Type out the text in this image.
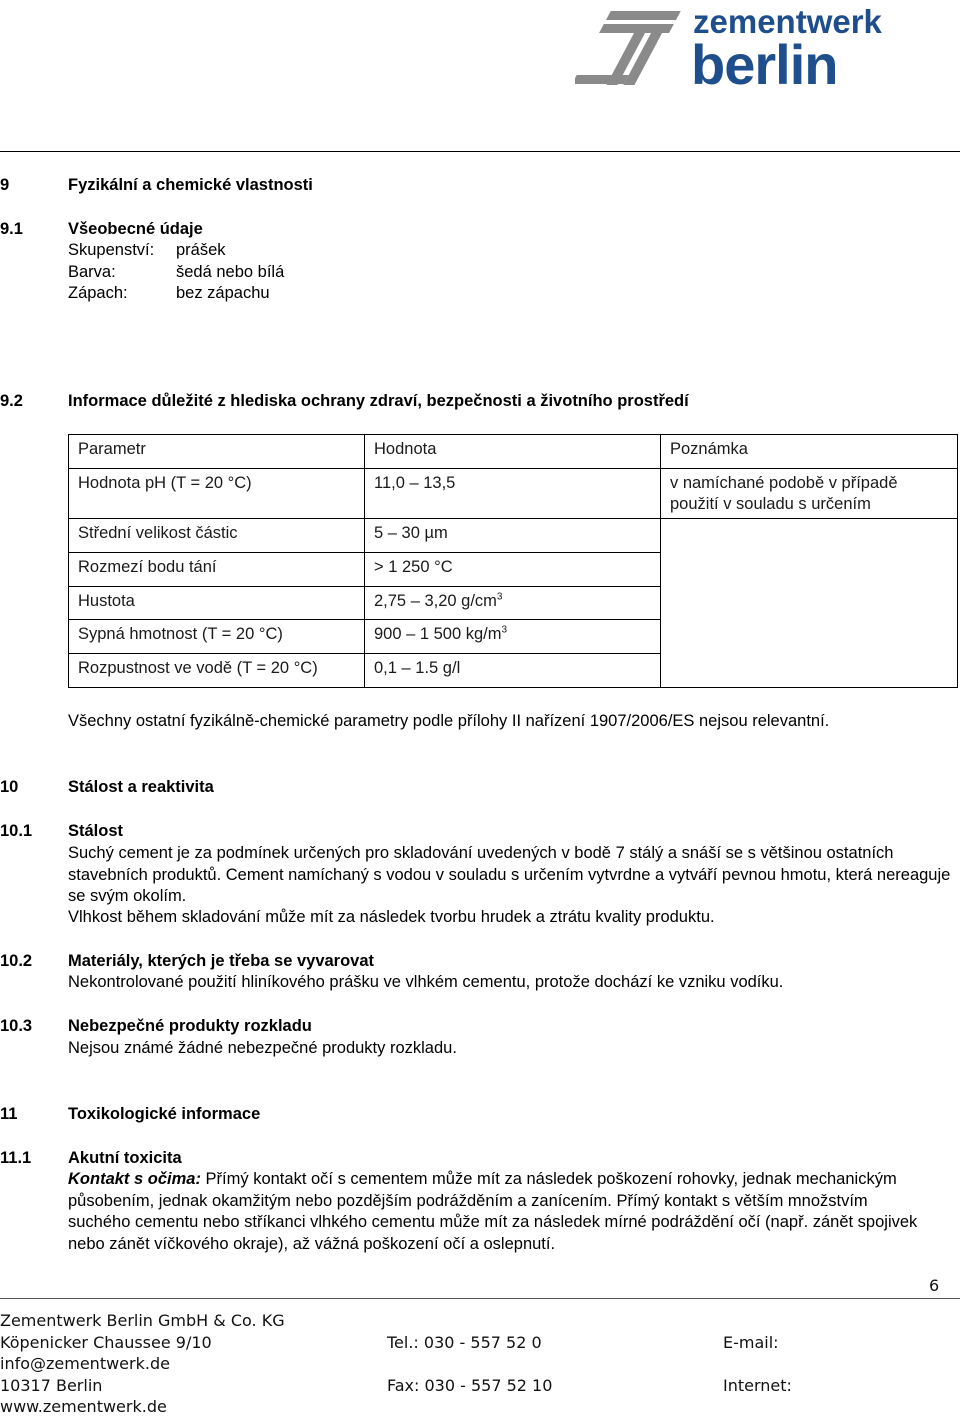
zementwerk
berlin
9	Fyzikální a chemické vlastnosti
9.1	Všeobecné údaje
Skupenství: prášek
Barva:	šedá nebo bílá
Zápach:	bez zápachu
9.2	Informace důležité z hlediska ochrany zdraví, bezpečnosti a životního prostředí
Parametr	Hodnota	Poznámka
Hodnota pH (T = 20 °C)	11,0 – 13,5	v namíchané podobě v případě použití v souladu s určením
Střední velikost částic	5 – 30 µm	
Rozmezí bodu tání	> 1 250 °C	
Hustota	2,75 – 3,20 $g/cm^3$
Sypná hmotnost (T = 20 °C)	900 – 1 500 $kg/m^3$
Rozpustnost ve vodě (T = 20 °C)	0,1 – 1.5 g/l	
Všechny ostatní fyzikálně-chemické parametry podle přílohy II nařízení 1907/2006/ES nejsou relevantní.
10	Stálost a reaktivita
10.1 Stálost
Suchý cement je za podmínek určených pro skladování uvedených v bodě 7 stálý a snáší se s většinou ostatních stavebních produktů. Cement namíchaný s vodou v souladu s určením vytvrdne a vytváří pevnou hmotu, která nereaguje se svým okolím.
Vlhkost během skladování může mít za následek tvorbu hrudek a ztrátu kvality produktu.
10.2 Materiály, kterých je třeba se vyvarovat
Nekontrolované použití hliníkového prášku ve vlhkém cementu, protože dochází ke vzniku vodíku.
10.3 Nebezpečné produkty rozkladu
Nejsou známé žádné nebezpečné produkty rozkladu.
11	Toxikologické informace
11.1 Akutní toxicita
Kontakt s očima: Přímý kontakt očí s cementem může mít za následek poškození rohovky, jednak mechanickým působením, jednak okamžitým nebo pozdějším podrážděním a zanícením. Přímý kontakt s větším množstvím suchého cementu nebo stříkanci vlhkého cementu může mít za následek mírné podráždění očí (např. zánět spojivek nebo zánět víčkového okraje), až vážná poškození očí a oslepnutí.
6
Zementwerk Berlin GmbH & Co. KG
Köpenicker Chaussee 9/10	Tel.: 030 - 557 52 0	E-mail:
info@zementwerk.de
10317 Berlin	Fax: 030 - 557 52 10	Internet:
www.zementwerk.de
